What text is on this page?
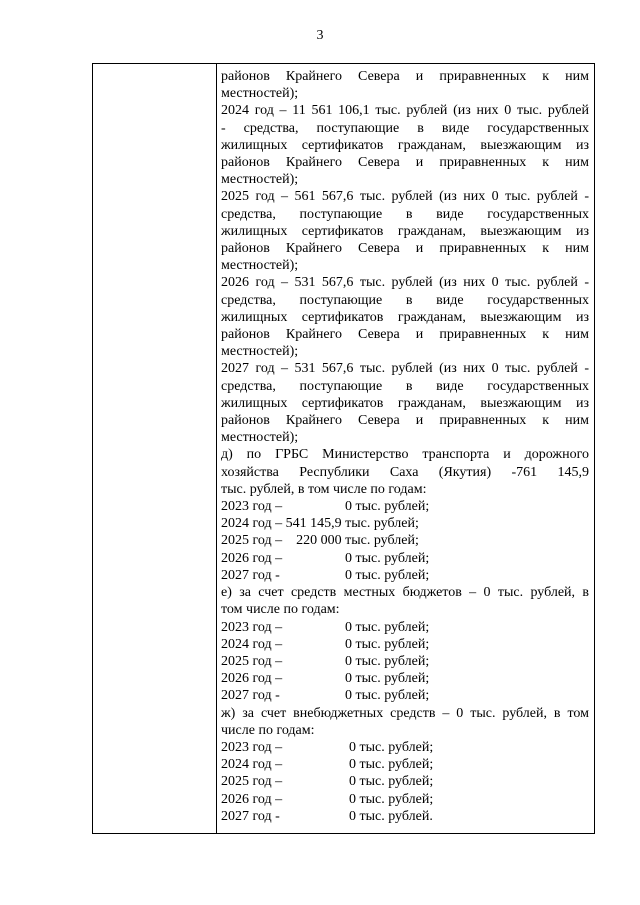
3
районов Крайнего Севера и приравненных к ним
местностей);
2024 год – 11 561 106,1 тыс. рублей (из них 0 тыс. рублей
- средства, поступающие в виде государственных
жилищных сертификатов гражданам, выезжающим из
районов Крайнего Севера и приравненных к ним
местностей);
2025 год – 561 567,6 тыс. рублей (из них 0 тыс. рублей -
средства, поступающие в виде государственных
жилищных сертификатов гражданам, выезжающим из
районов Крайнего Севера и приравненных к ним
местностей);
2026 год – 531 567,6 тыс. рублей (из них 0 тыс. рублей -
средства, поступающие в виде государственных
жилищных сертификатов гражданам, выезжающим из
районов Крайнего Севера и приравненных к ним
местностей);
2027 год – 531 567,6 тыс. рублей (из них 0 тыс. рублей -
средства, поступающие в виде государственных
жилищных сертификатов гражданам, выезжающим из
районов Крайнего Севера и приравненных к ним
местностей);
д) по ГРБС Министерство транспорта и дорожного
хозяйства Республики Саха (Якутия) -761 145,9
тыс. рублей, в том числе по годам:
2023 год –	0 тыс. рублей;
2024 год – 541 145,9 тыс. рублей;
2025 год –    220 000 тыс. рублей;
2026 год –	0 тыс. рублей;
2027 год -	0 тыс. рублей;
е) за счет средств местных бюджетов – 0 тыс. рублей, в
том числе по годам:
2023 год –	0 тыс. рублей;
2024 год –	0 тыс. рублей;
2025 год –	0 тыс. рублей;
2026 год –	0 тыс. рублей;
2027 год -	0 тыс. рублей;
ж) за счет внебюджетных средств – 0 тыс. рублей, в том
числе по годам:
2023 год –	0 тыс. рублей;
2024 год –	0 тыс. рублей;
2025 год –	0 тыс. рублей;
2026 год –	0 тыс. рублей;
2027 год -	0 тыс. рублей.
